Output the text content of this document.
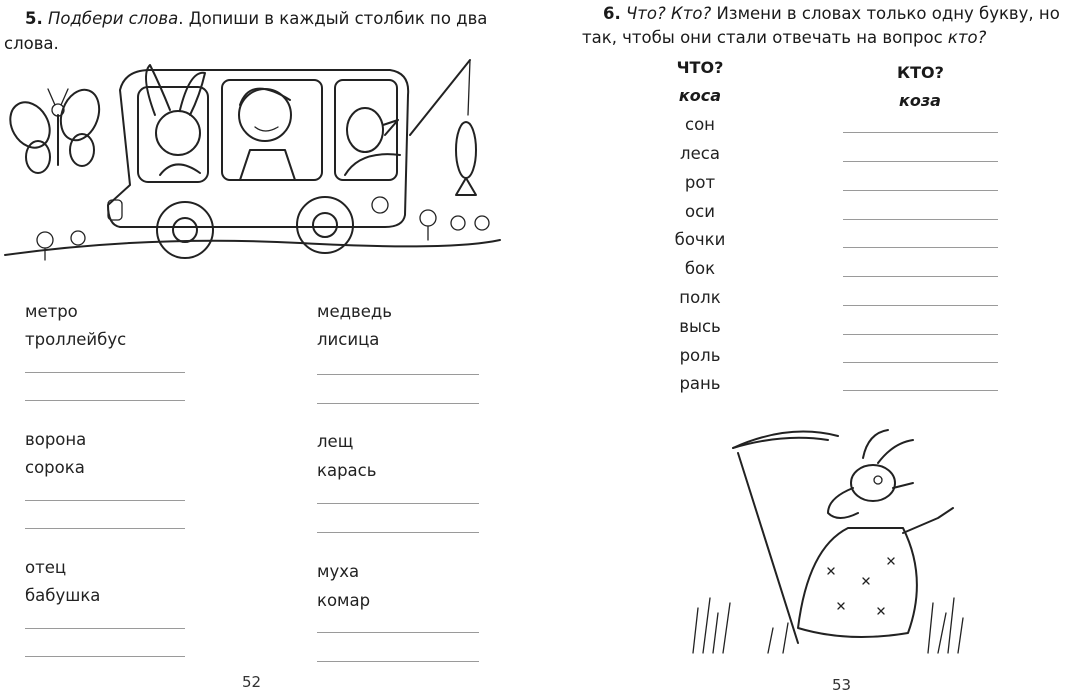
5. Подбери слова. Допиши в каждый столбик по два
слова.
метро
троллейбус
медведь
лисица
ворона
сорока
лещ
карась
отец
бабушка
муха
комар
52
6. Что? Кто? Измени в словах только одну букву, но
так, чтобы они стали отвечать на вопрос кто?
ЧТО?	КТО?
коса	коза
сон
леса
рот
оси
бочки
бок
полк
высь
роль
рань
53
